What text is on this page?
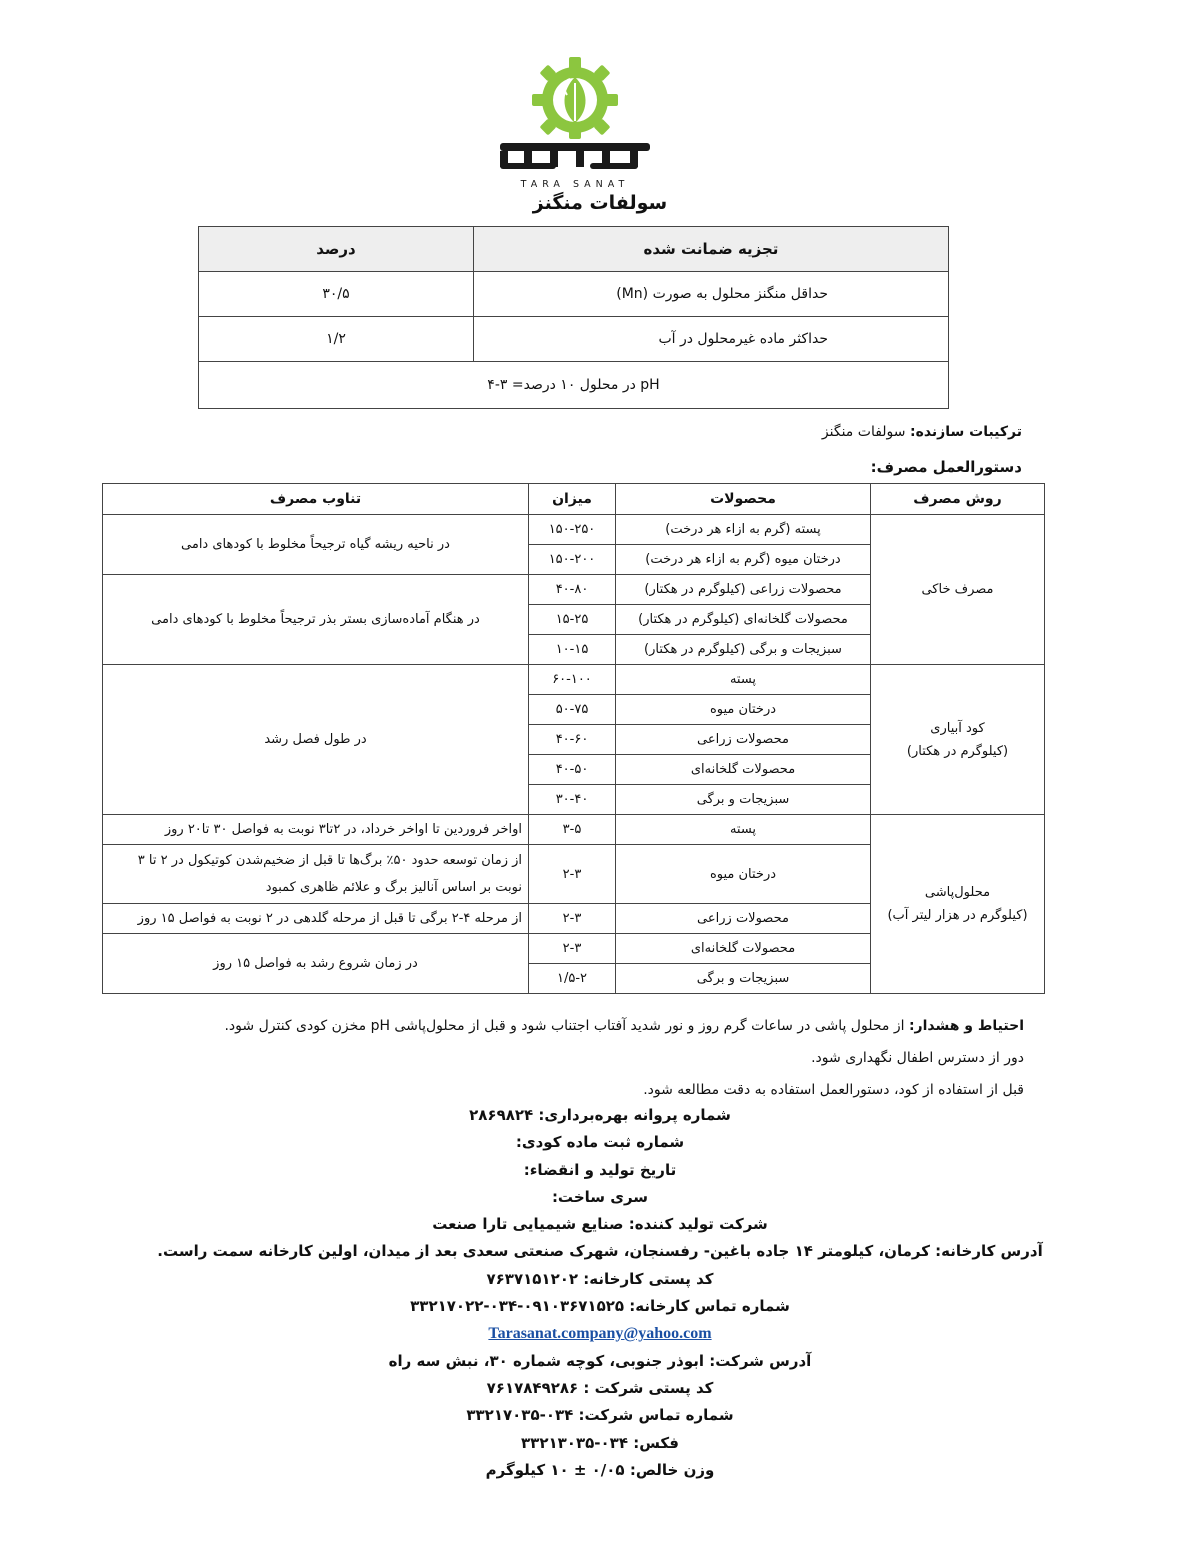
TARA SANAT
سولفات منگنز
تجزیه ضمانت شده	درصد
حداقل منگنز محلول به صورت (Mn)	۳۰/۵
حداکثر ماده غیرمحلول در آب	۱/۲
pH در محلول ۱۰ درصد= ۳-۴	
ترکیبات سازنده: سولفات منگنز
دستورالعمل مصرف:
روش مصرف	محصولات	میزان	تناوب مصرف
مصرف خاکی	پسته (گرم به ازاء هر درخت)	۱۵۰-۲۵۰	در ناحیه ریشه گیاه ترجیحاً مخلوط با کودهای دامی
	درختان میوه (گرم به ازاء هر درخت)	۱۵۰-۲۰۰	
	محصولات زراعی (کیلوگرم در هکتار)	۴۰-۸۰	در هنگام آماده‌سازی بستر بذر ترجیحاً مخلوط با کودهای دامی
	محصولات گلخانه‌ای (کیلوگرم در هکتار)	۱۵-۲۵	
	سبزیجات و برگی (کیلوگرم در هکتار)	۱۰-۱۵	

کود آبیاری
(کیلوگرم در هکتار)	پسته	۶۰-۱۰۰	در طول فصل رشد
	درختان میوه	۵۰-۷۵	
	محصولات زراعی	۴۰-۶۰	
	محصولات گلخانه‌ای	۴۰-۵۰	
	سبزیجات و برگی	۳۰-۴۰	

محلول‌پاشی
(کیلوگرم در هزار لیتر آب)	پسته	۳-۵	اواخر فروردین تا اواخر خرداد، در ۲تا۳ نوبت به فواصل ۳۰ تا۲۰ روز
	درختان میوه	۲-۳	از زمان توسعه حدود ۵۰٪ برگ‌ها تا قبل از ضخیم‌شدن کوتیکول در ۲ تا ۳ نوبت بر اساس آنالیز برگ و علائم ظاهری کمبود
	محصولات زراعی	۲-۳	از مرحله ۴-۲ برگی تا قبل از مرحله گلدهی در ۲ نوبت به فواصل ۱۵ روز
	محصولات گلخانه‌ای	۲-۳	در زمان شروع رشد به فواصل ۱۵ روز
	سبزیجات و برگی	۱/۵-۲	
احتیاط و هشدار: از محلول پاشی در ساعات گرم روز و نور شدید آفتاب اجتناب شود و قبل از محلول‌پاشی pH مخزن کودی کنترل شود.
دور از دسترس اطفال نگهداری شود.
قبل از استفاده از کود، دستورالعمل استفاده به دقت مطالعه شود.
شماره پروانه بهره‌برداری: ۲۸۶۹۸۲۴
شماره ثبت ماده کودی:
تاریخ تولید و انقضاء:
سری ساخت:
شرکت تولید کننده: صنایع شیمیایی تارا صنعت
آدرس کارخانه: کرمان، کیلومتر ۱۴ جاده باغین- رفسنجان، شهرک صنعتی سعدی بعد از میدان، اولین کارخانه سمت راست.
کد پستی کارخانه: ۷۶۳۷۱۵۱۲۰۲
شماره تماس کارخانه: ۰۹۱۰۳۶۷۱۵۲۵-۰۳۴-۳۳۲۱۷۰۲۲
Tarasanat.company@yahoo.com
آدرس شرکت: ابوذر جنوبی، کوچه شماره ۳۰، نبش سه راه
کد پستی شرکت : ۷۶۱۷۸۴۹۲۸۶
شماره تماس شرکت: ۰۳۴-۳۳۲۱۷۰۳۵
فکس: ۰۳۴-۳۳۲۱۳۰۳۵
وزن خالص: ۰/۰۵ ± ۱۰ کیلوگرم
